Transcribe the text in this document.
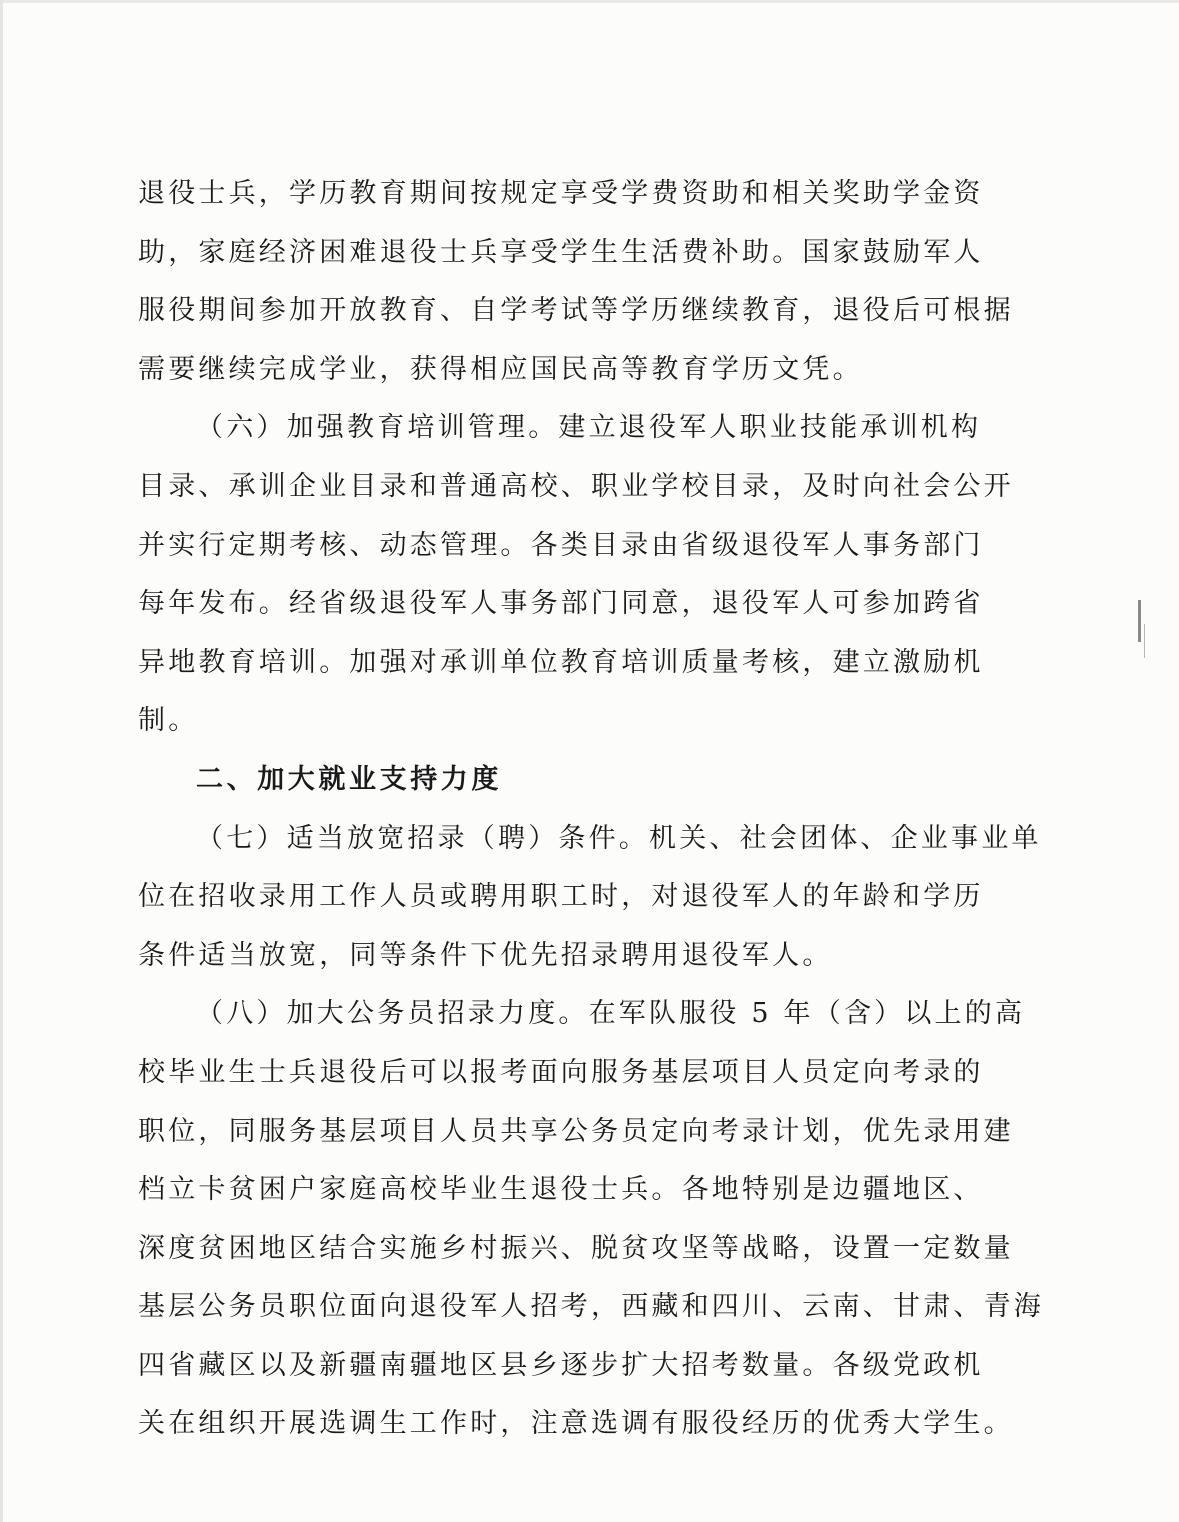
退役士兵，学历教育期间按规定享受学费资助和相关奖助学金资
助，家庭经济困难退役士兵享受学生生活费补助。国家鼓励军人
服役期间参加开放教育、自学考试等学历继续教育，退役后可根据
需要继续完成学业，获得相应国民高等教育学历文凭。
（六）加强教育培训管理。建立退役军人职业技能承训机构
目录、承训企业目录和普通高校、职业学校目录，及时向社会公开
并实行定期考核、动态管理。各类目录由省级退役军人事务部门
每年发布。经省级退役军人事务部门同意，退役军人可参加跨省
异地教育培训。加强对承训单位教育培训质量考核，建立激励机
制。
二、加大就业支持力度
（七）适当放宽招录（聘）条件。机关、社会团体、企业事业单
位在招收录用工作人员或聘用职工时，对退役军人的年龄和学历
条件适当放宽，同等条件下优先招录聘用退役军人。
（八）加大公务员招录力度。在军队服役 5 年（含）以上的高
校毕业生士兵退役后可以报考面向服务基层项目人员定向考录的
职位，同服务基层项目人员共享公务员定向考录计划，优先录用建
档立卡贫困户家庭高校毕业生退役士兵。各地特别是边疆地区、
深度贫困地区结合实施乡村振兴、脱贫攻坚等战略，设置一定数量
基层公务员职位面向退役军人招考，西藏和四川、云南、甘肃、青海
四省藏区以及新疆南疆地区县乡逐步扩大招考数量。各级党政机
关在组织开展选调生工作时，注意选调有服役经历的优秀大学生。
